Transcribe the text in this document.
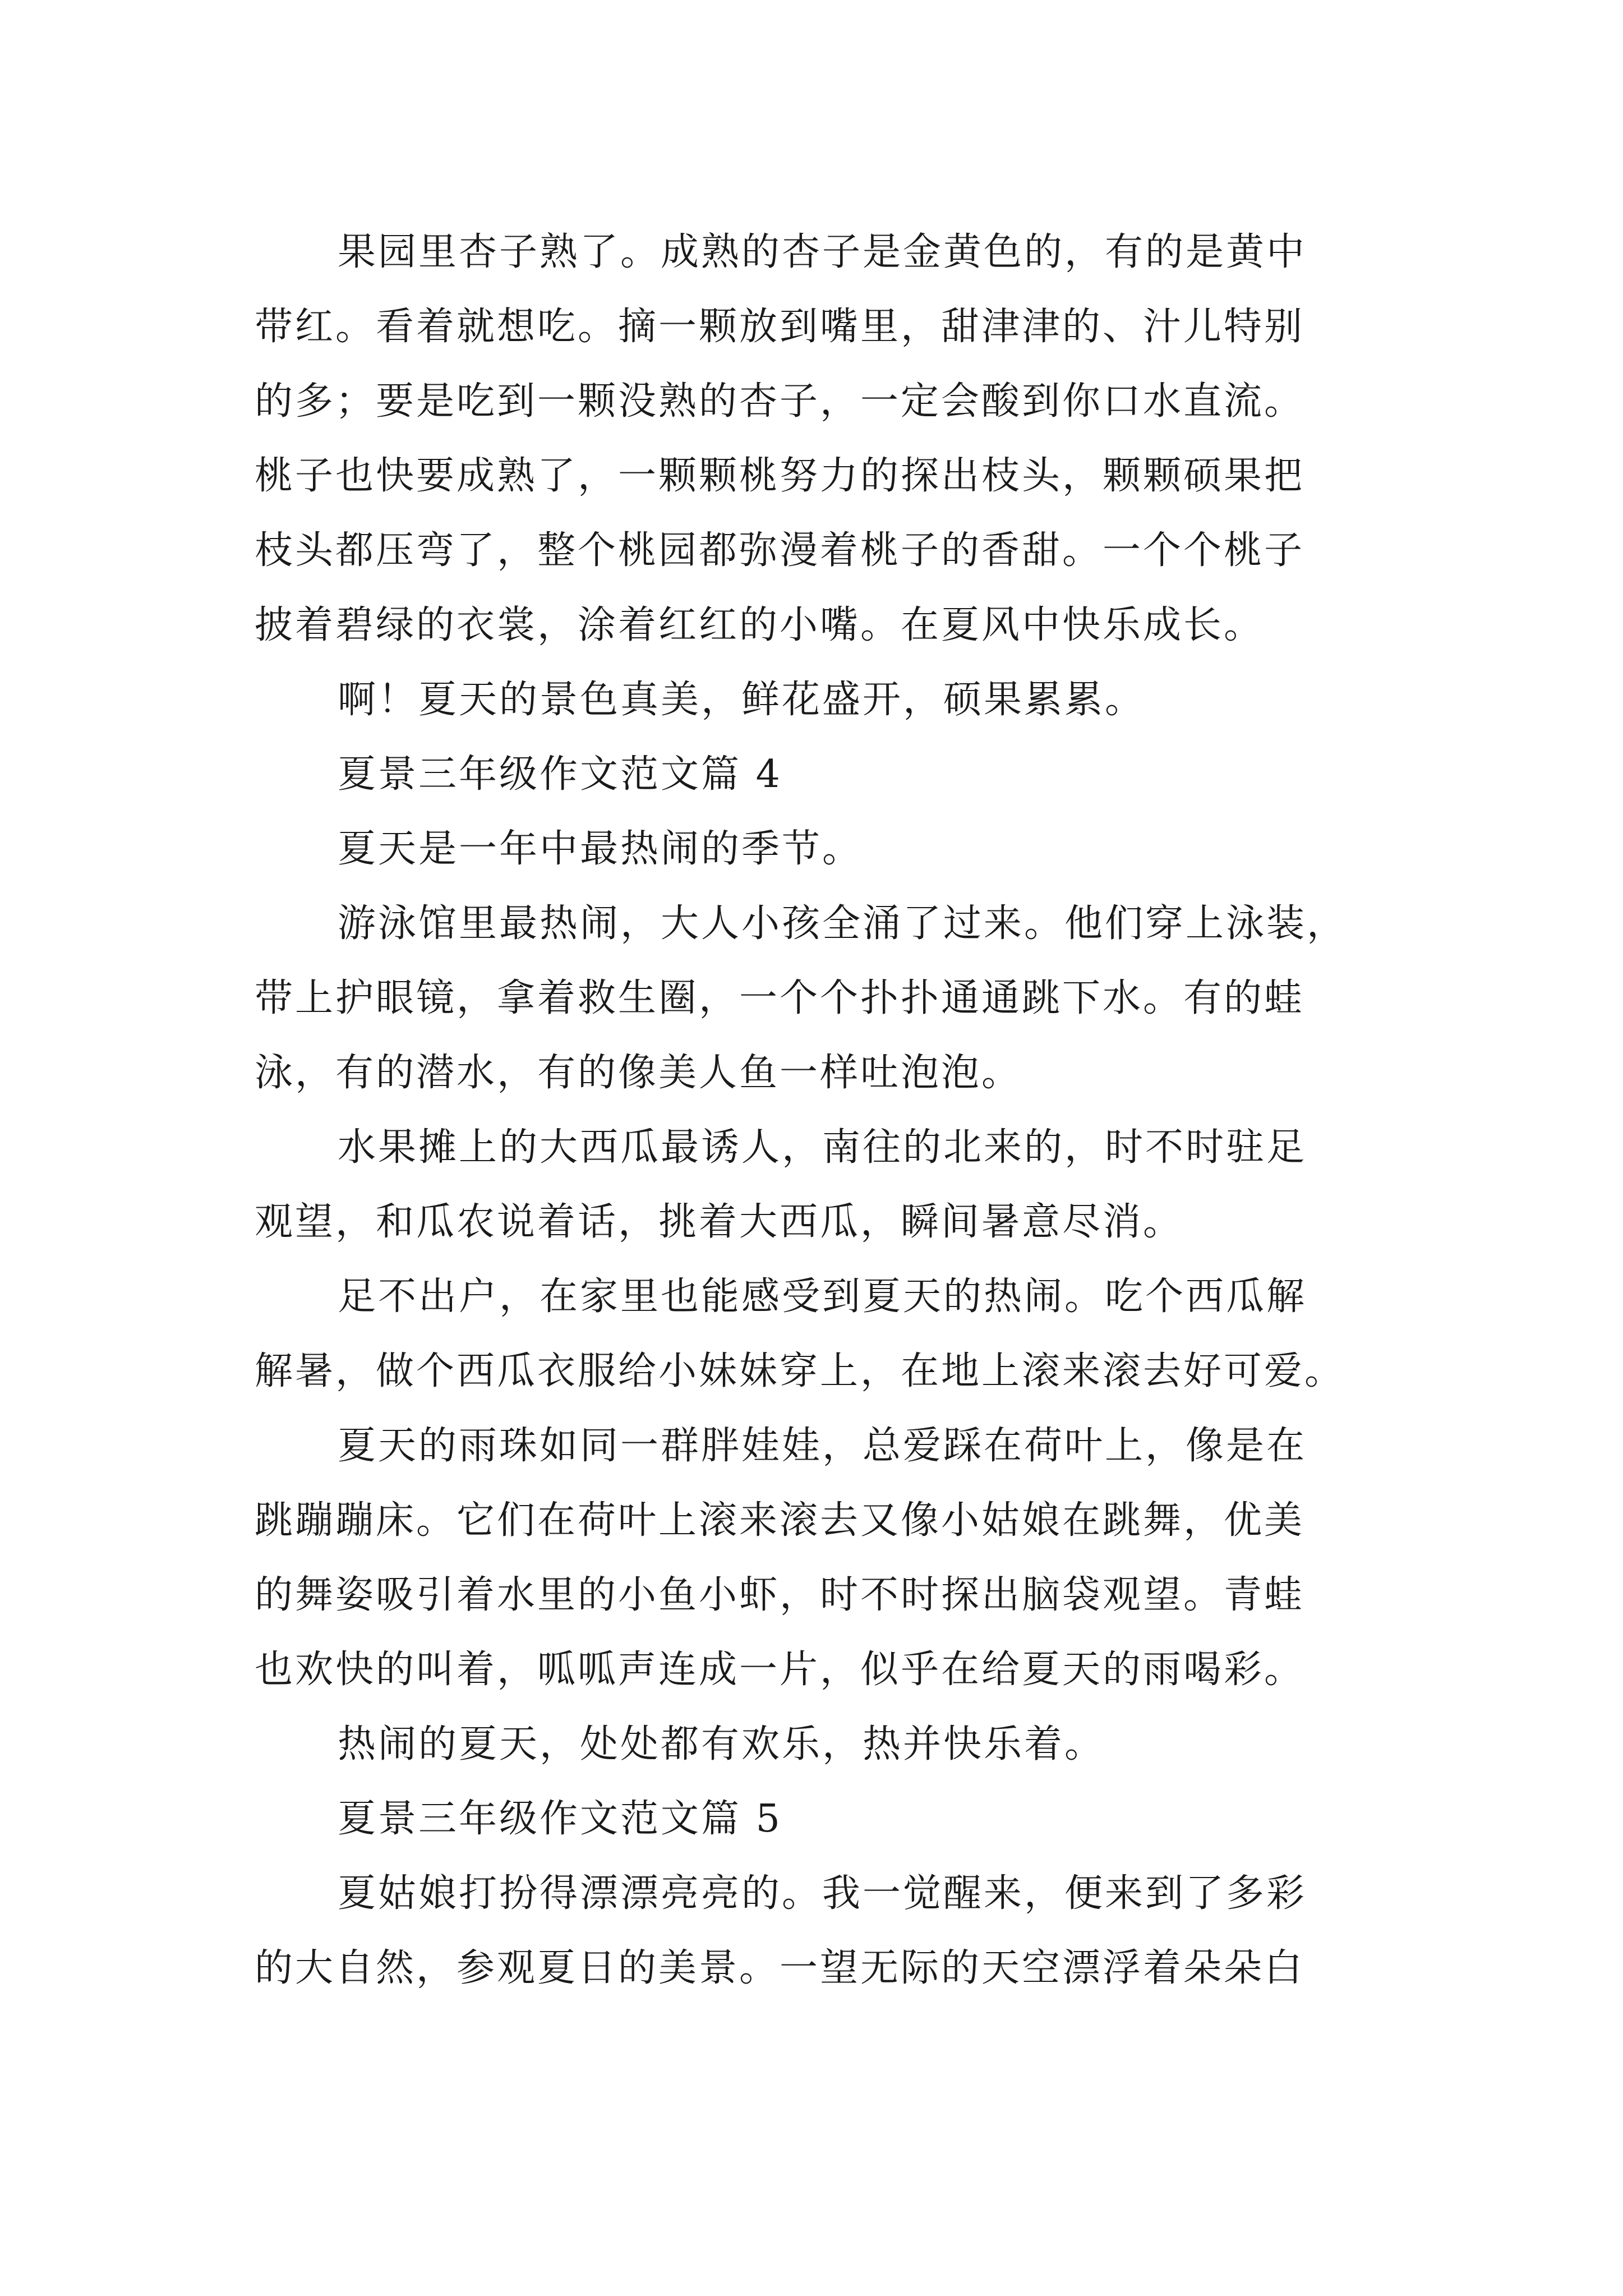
果园里杏子熟了。成熟的杏子是金黄色的，有的是黄中
带红。看着就想吃。摘一颗放到嘴里，甜津津的、汁儿特别
的多；要是吃到一颗没熟的杏子，一定会酸到你口水直流。
桃子也快要成熟了，一颗颗桃努力的探出枝头，颗颗硕果把
枝头都压弯了，整个桃园都弥漫着桃子的香甜。一个个桃子
披着碧绿的衣裳，涂着红红的小嘴。在夏风中快乐成长。
啊！夏天的景色真美，鲜花盛开，硕果累累。
夏景三年级作文范文篇 4
夏天是一年中最热闹的季节。
游泳馆里最热闹，大人小孩全涌了过来。他们穿上泳装，
带上护眼镜，拿着救生圈，一个个扑扑通通跳下水。有的蛙
泳，有的潜水，有的像美人鱼一样吐泡泡。
水果摊上的大西瓜最诱人，南往的北来的，时不时驻足
观望，和瓜农说着话，挑着大西瓜，瞬间暑意尽消。
足不出户，在家里也能感受到夏天的热闹。吃个西瓜解
解暑，做个西瓜衣服给小妹妹穿上，在地上滚来滚去好可爱。
夏天的雨珠如同一群胖娃娃，总爱踩在荷叶上，像是在
跳蹦蹦床。它们在荷叶上滚来滚去又像小姑娘在跳舞，优美
的舞姿吸引着水里的小鱼小虾，时不时探出脑袋观望。青蛙
也欢快的叫着，呱呱声连成一片，似乎在给夏天的雨喝彩。
热闹的夏天，处处都有欢乐，热并快乐着。
夏景三年级作文范文篇 5
夏姑娘打扮得漂漂亮亮的。我一觉醒来，便来到了多彩
的大自然，参观夏日的美景。一望无际的天空漂浮着朵朵白
